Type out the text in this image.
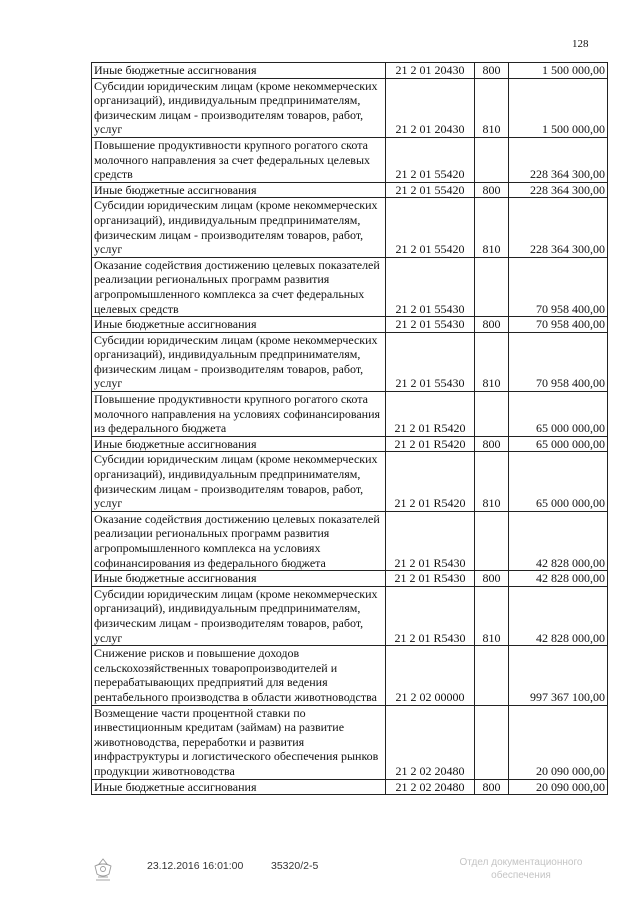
128
Иные бюджетные ассигнования	21 2 01 20430	800	1 500 000,00
Субсидии юридическим лицам (кроме некоммерческих организаций), индивидуальным предпринимателям, физическим лицам - производителям товаров, работ, услуг	21 2 01 20430	810	1 500 000,00
Повышение продуктивности крупного рогатого скота молочного направления за счет федеральных целевых средств	21 2 01 55420		228 364 300,00
Иные бюджетные ассигнования	21 2 01 55420	800	228 364 300,00
Субсидии юридическим лицам (кроме некоммерческих организаций), индивидуальным предпринимателям, физическим лицам - производителям товаров, работ, услуг	21 2 01 55420	810	228 364 300,00
Оказание содействия достижению целевых показателей реализации региональных программ развития агропромышленного комплекса за счет федеральных целевых средств	21 2 01 55430		70 958 400,00
Иные бюджетные ассигнования	21 2 01 55430	800	70 958 400,00
Субсидии юридическим лицам (кроме некоммерческих организаций), индивидуальным предпринимателям, физическим лицам - производителям товаров, работ, услуг	21 2 01 55430	810	70 958 400,00
Повышение продуктивности крупного рогатого скота молочного направления на условиях софинансирования из федерального бюджета	21 2 01 R5420		65 000 000,00
Иные бюджетные ассигнования	21 2 01 R5420	800	65 000 000,00
Субсидии юридическим лицам (кроме некоммерческих организаций), индивидуальным предпринимателям, физическим лицам - производителям товаров, работ, услуг	21 2 01 R5420	810	65 000 000,00
Оказание содействия достижению целевых показателей реализации региональных программ развития агропромышленного комплекса на условиях софинансирования из федерального бюджета	21 2 01 R5430		42 828 000,00
Иные бюджетные ассигнования	21 2 01 R5430	800	42 828 000,00
Субсидии юридическим лицам (кроме некоммерческих организаций), индивидуальным предпринимателям, физическим лицам - производителям товаров, работ, услуг	21 2 01 R5430	810	42 828 000,00
Снижение рисков и повышение доходов сельскохозяйственных товаропроизводителей и перерабатывающих предприятий для ведения рентабельного производства в области животноводства	21 2 02 00000		997 367 100,00
Возмещение части процентной ставки по инвестиционным кредитам (займам) на развитие животноводства, переработки и развития инфраструктуры и логистического обеспечения рынков продукции животноводства	21 2 02 20480		20 090 000,00
Иные бюджетные ассигнования	21 2 02 20480	800	20 090 000,00
23.12.2016 16:01:00	35320/2-5	Отдел документационного
обеспечения
